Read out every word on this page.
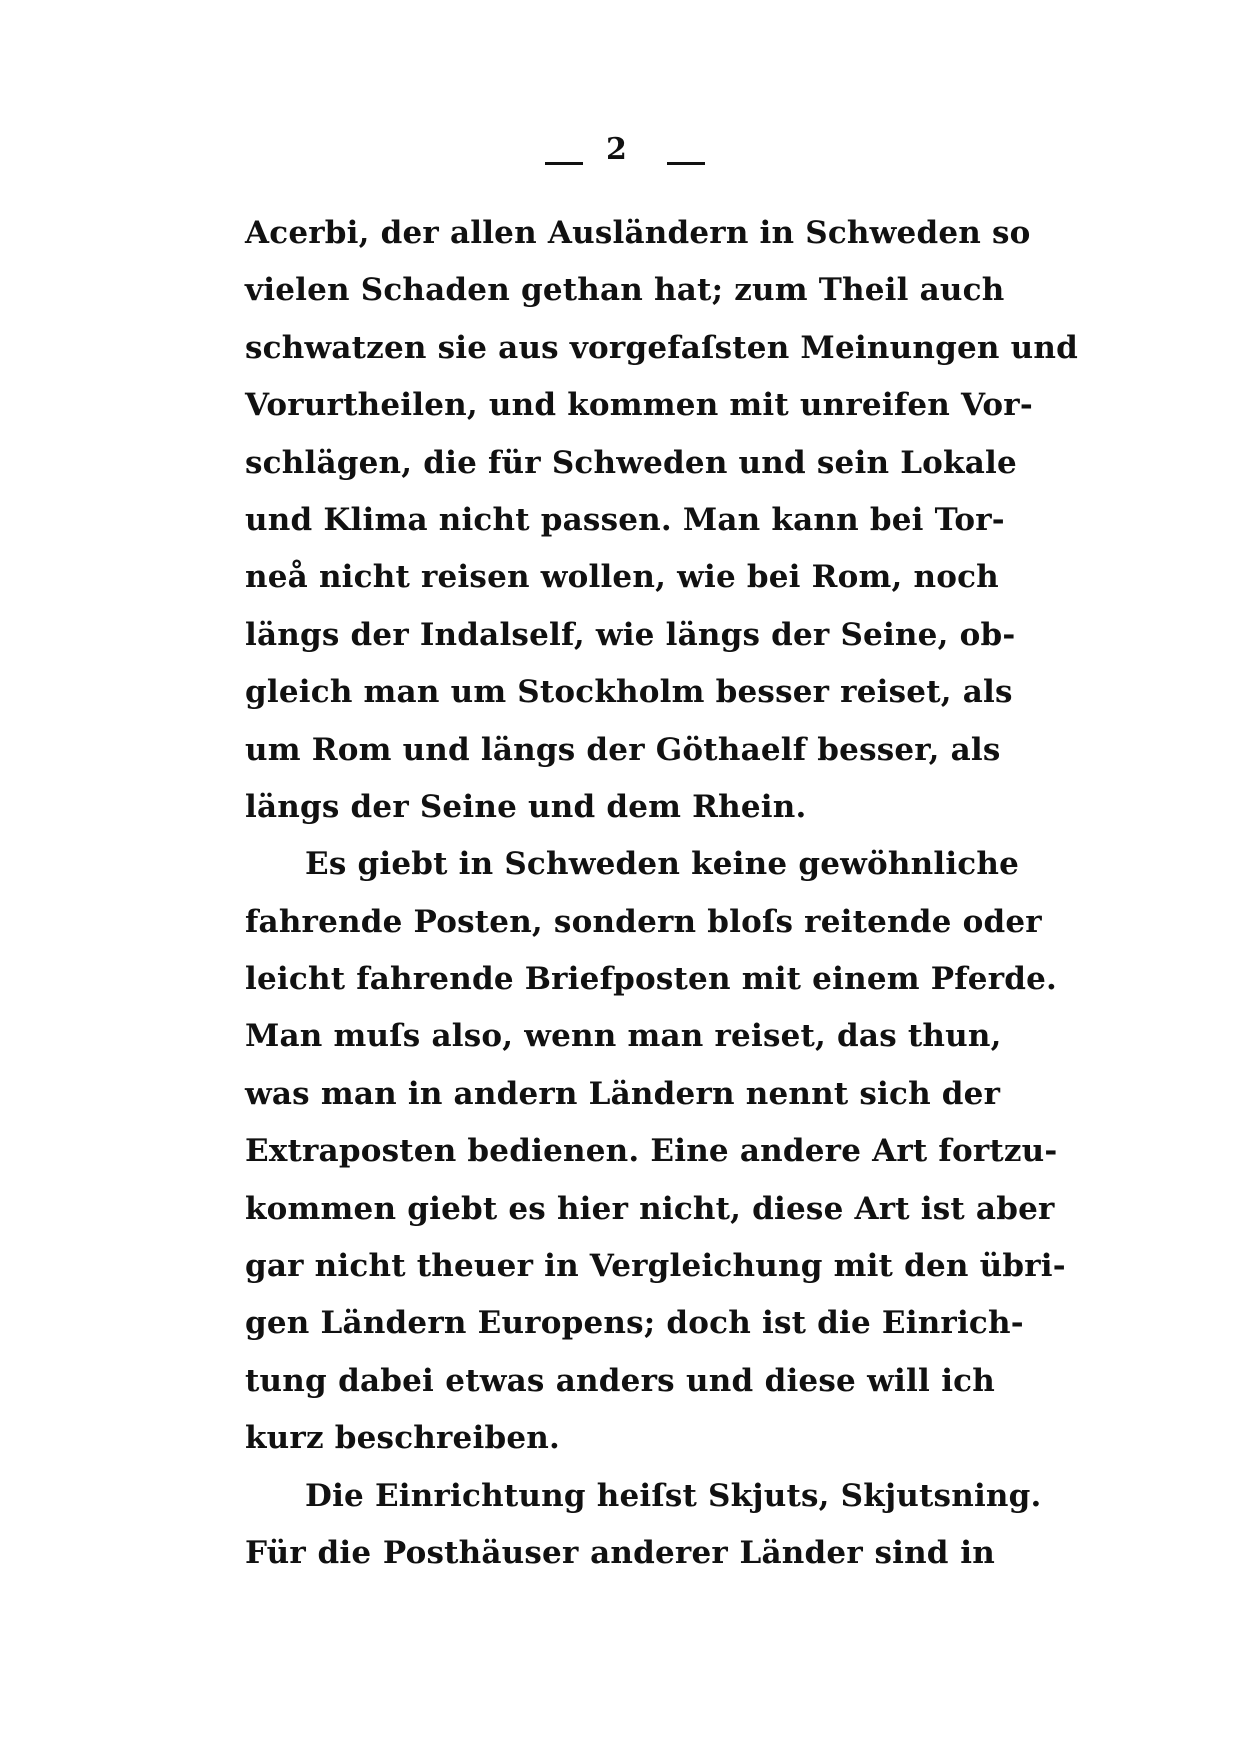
2
Acerbi, der allen Ausländern in Schweden so
vielen Schaden gethan hat; zum Theil auch
schwatzen sie aus vorgefaſsten Meinungen und
Vorurtheilen, und kommen mit unreifen Vor-
schlägen, die für Schweden und sein Lokale
und Klima nicht passen. Man kann bei Tor-
neå nicht reisen wollen, wie bei Rom, noch
längs der Indalself, wie längs der Seine, ob-
gleich man um Stockholm besser reiset, als
um Rom und längs der Göthaelf besser, als
längs der Seine und dem Rhein.
Es giebt in Schweden keine gewöhnliche
fahrende Posten, sondern bloſs reitende oder
leicht fahrende Briefposten mit einem Pferde.
Man muſs also, wenn man reiset, das thun,
was man in andern Ländern nennt sich der
Extraposten bedienen. Eine andere Art fortzu-
kommen giebt es hier nicht, diese Art ist aber
gar nicht theuer in Vergleichung mit den übri-
gen Ländern Europens; doch ist die Einrich-
tung dabei etwas anders und diese will ich
kurz beschreiben.
Die Einrichtung heiſst Skjuts, Skjutsning.
Für die Posthäuser anderer Länder sind in
